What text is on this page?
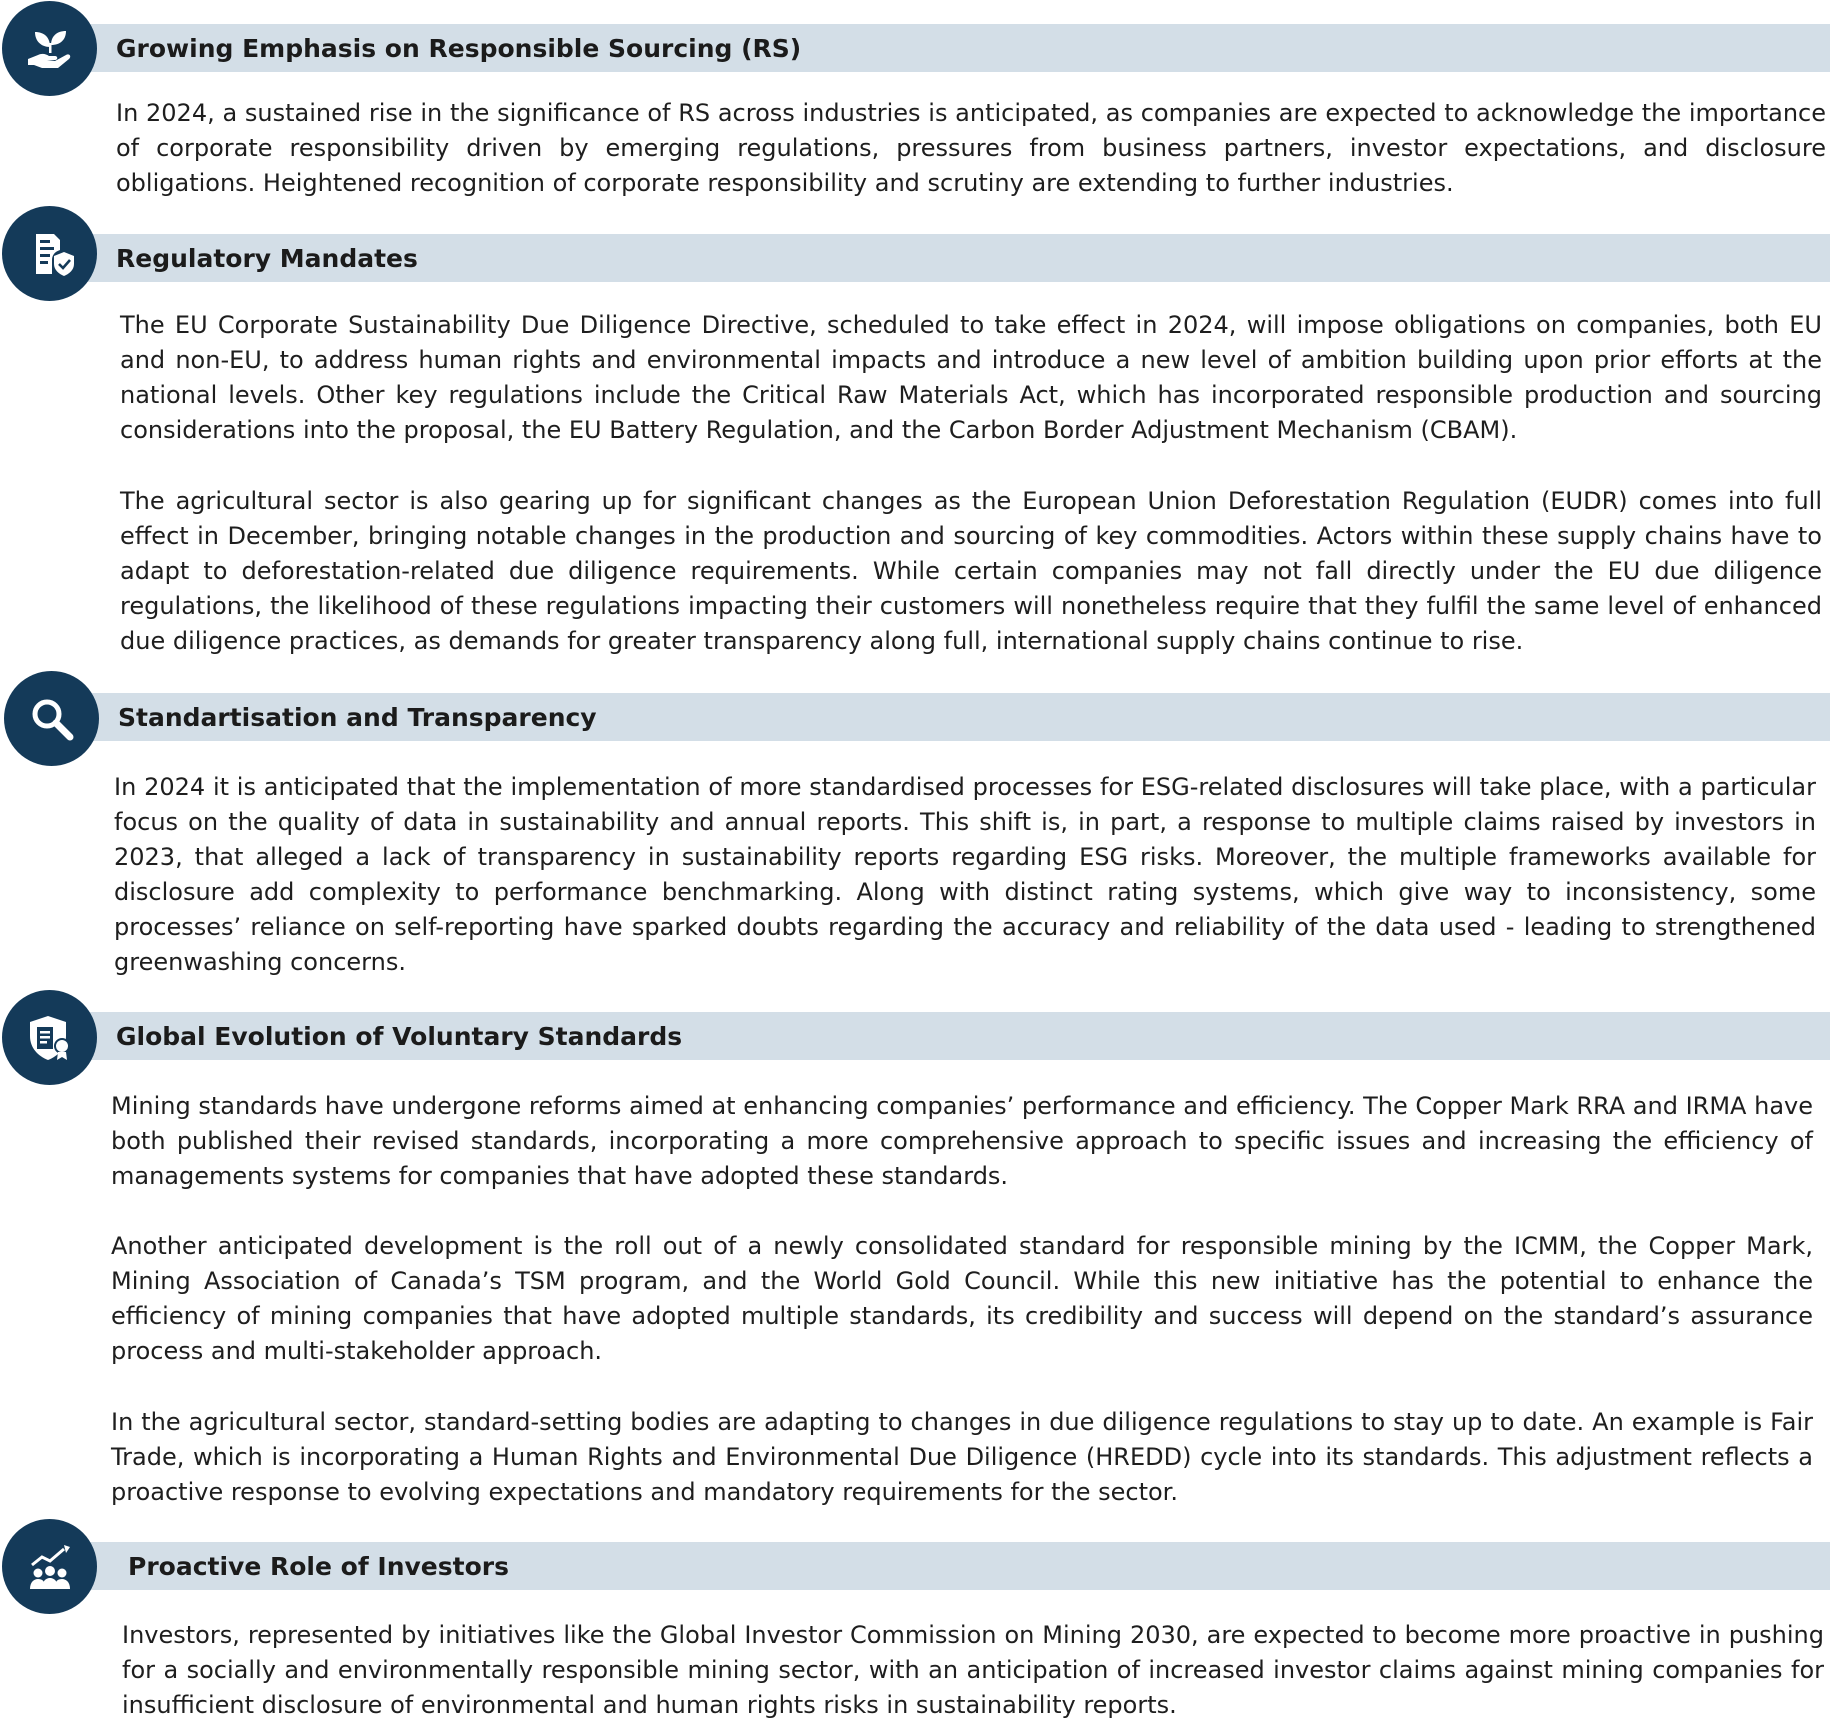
Growing Emphasis on Responsible Sourcing (RS)

In 2024, a sustained rise in the significance of RS across industries is anticipated, as companies are expected to acknowledge the importance of corporate responsibility driven by emerging regulations, pressures from business partners, investor expectations, and disclosure obligations. Heightened recognition of corporate responsibility and scrutiny are extending to further industries.

Regulatory Mandates

The EU Corporate Sustainability Due Diligence Directive, scheduled to take effect in 2024, will impose obligations on companies, both EU and non-EU, to address human rights and environmental impacts and introduce a new level of ambition building upon prior efforts at the national levels. Other key regulations include the Critical Raw Materials Act, which has incorporated responsible production and sourcing considerations into the proposal, the EU Battery Regulation, and the Carbon Border Adjustment Mechanism (CBAM).

The agricultural sector is also gearing up for significant changes as the European Union Deforestation Regulation (EUDR) comes into full effect in December, bringing notable changes in the production and sourcing of key commodities. Actors within these supply chains have to adapt to deforestation-related due diligence requirements. While certain companies may not fall directly under the EU due diligence regulations, the likelihood of these regulations impacting their customers will nonetheless require that they fulfil the same level of enhanced due diligence practices, as demands for greater transparency along full, international supply chains continue to rise.

Standartisation and Transparency

In 2024 it is anticipated that the implementation of more standardised processes for ESG-related disclosures will take place, with a particular focus on the quality of data in sustainability and annual reports. This shift is, in part, a response to multiple claims raised by investors in 2023, that alleged a lack of transparency in sustainability reports regarding ESG risks. Moreover, the multiple frameworks available for disclosure add complexity to performance benchmarking. Along with distinct rating systems, which give way to inconsistency, some processes’ reliance on self-reporting have sparked doubts regarding the accuracy and reliability of the data used - leading to strengthened greenwashing concerns.

Global Evolution of Voluntary Standards

Mining standards have undergone reforms aimed at enhancing companies’ performance and efficiency. The Copper Mark RRA and IRMA have both published their revised standards, incorporating a more comprehensive approach to specific issues and increasing the efficiency of managements systems for companies that have adopted these standards.

Another anticipated development is the roll out of a newly consolidated standard for responsible mining by the ICMM, the Copper Mark, Mining Association of Canada’s TSM program, and the World Gold Council. While this new initiative has the potential to enhance the efficiency of mining companies that have adopted multiple standards, its credibility and success will depend on the standard’s assurance process and multi-stakeholder approach.

In the agricultural sector, standard-setting bodies are adapting to changes in due diligence regulations to stay up to date. An example is Fair Trade, which is incorporating a Human Rights and Environmental Due Diligence (HREDD) cycle into its standards. This adjustment reflects a proactive response to evolving expectations and mandatory requirements for the sector.

Proactive Role of Investors

Investors, represented by initiatives like the Global Investor Commission on Mining 2030, are expected to become more proactive in pushing for a socially and environmentally responsible mining sector, with an anticipation of increased investor claims against mining companies for insufficient disclosure of environmental and human rights risks in sustainability reports.
